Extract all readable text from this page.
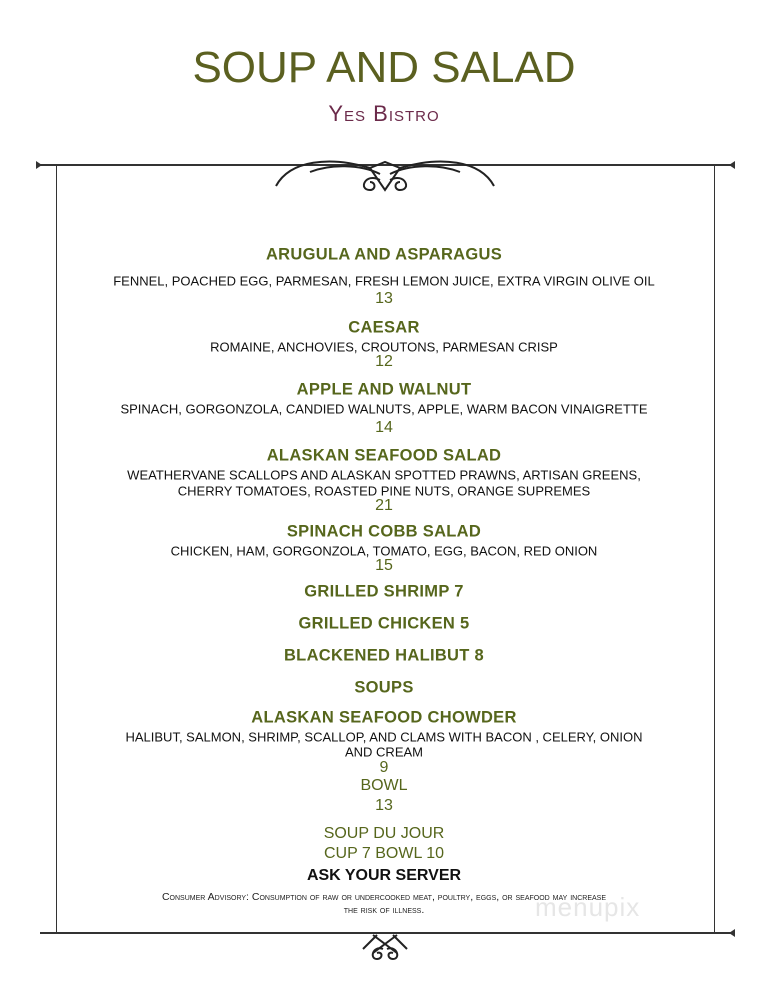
SOUP AND SALAD
Yes Bistro
ARUGULA AND ASPARAGUS
FENNEL, POACHED EGG, PARMESAN, FRESH LEMON JUICE, EXTRA VIRGIN OLIVE OIL
13
CAESAR
ROMAINE, ANCHOVIES, CROUTONS, PARMESAN CRISP
12
APPLE AND WALNUT
SPINACH, GORGONZOLA, CANDIED WALNUTS, APPLE, WARM BACON VINAIGRETTE
14
ALASKAN SEAFOOD SALAD
WEATHERVANE SCALLOPS AND ALASKAN SPOTTED PRAWNS, ARTISAN GREENS,
CHERRY TOMATOES, ROASTED PINE NUTS, ORANGE SUPREMES
21
SPINACH COBB SALAD
CHICKEN, HAM, GORGONZOLA, TOMATO, EGG, BACON, RED ONION
15
GRILLED SHRIMP 7
GRILLED CHICKEN 5
BLACKENED HALIBUT 8
SOUPS
ALASKAN SEAFOOD CHOWDER
HALIBUT, SALMON, SHRIMP, SCALLOP, AND CLAMS WITH BACON , CELERY, ONION
AND CREAM
9
BOWL
13
SOUP DU JOUR
CUP 7 BOWL 10
ASK YOUR SERVER
Consumer Advisory: Consumption of raw or undercooked meat, poultry, eggs, or seafood may increase
the risk of illness.	menupix
